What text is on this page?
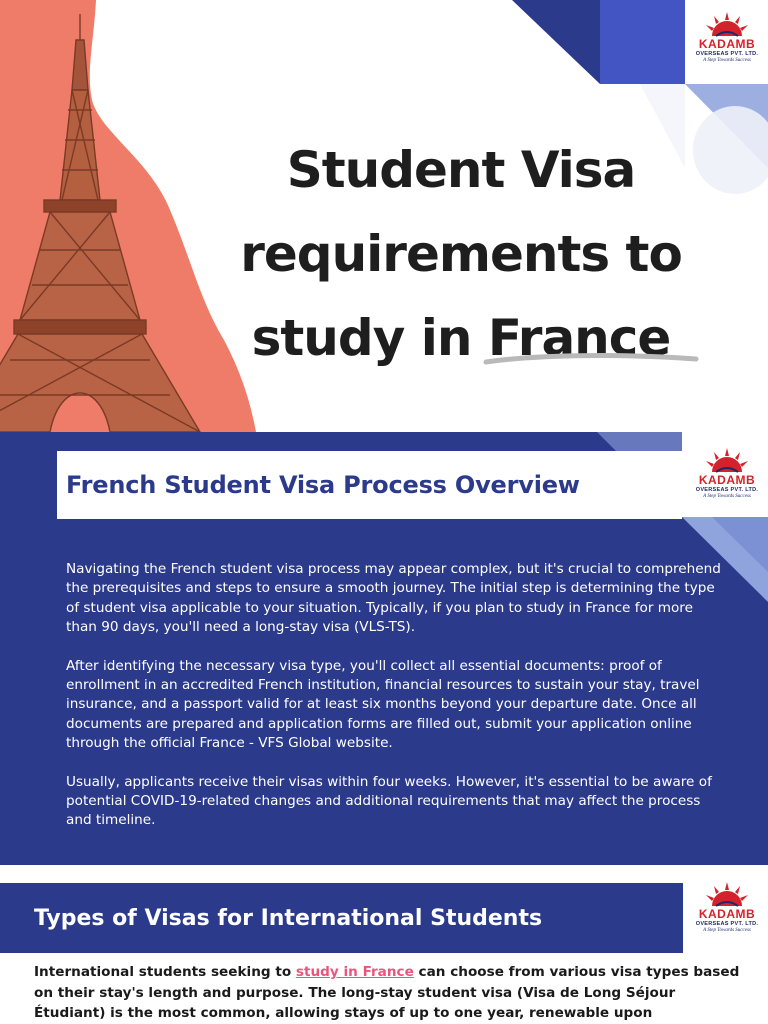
Student Visa
requirements to
study in France
KADAMB
OVERSEAS PVT. LTD.
A Step Towards Success
KADAMB
OVERSEAS PVT. LTD.
A Step Towards Success
French Student Visa Process Overview

Navigating the French student visa process may appear complex, but it's crucial to comprehend the prerequisites and steps to ensure a smooth journey. The initial step is determining the type of student visa applicable to your situation. Typically, if you plan to study in France for more than 90 days, you'll need a long-stay visa (VLS-TS).

After identifying the necessary visa type, you'll collect all essential documents: proof of enrollment in an accredited French institution, financial resources to sustain your stay, travel insurance, and a passport valid for at least six months beyond your departure date. Once all documents are prepared and application forms are filled out, submit your application online through the official France - VFS Global website.

Usually, applicants receive their visas within four weeks. However, it's essential to be aware of potential COVID-19-related changes and additional requirements that may affect the process and timeline.

Types of Visas for International Students	KADAMB
OVERSEAS PVT. LTD.
A Step Towards Success

International students seeking to study in France can choose from various visa types based on their stay's length and purpose. The long-stay student visa (Visa de Long Séjour Étudiant) is the most common, allowing stays of up to one year, renewable upon
